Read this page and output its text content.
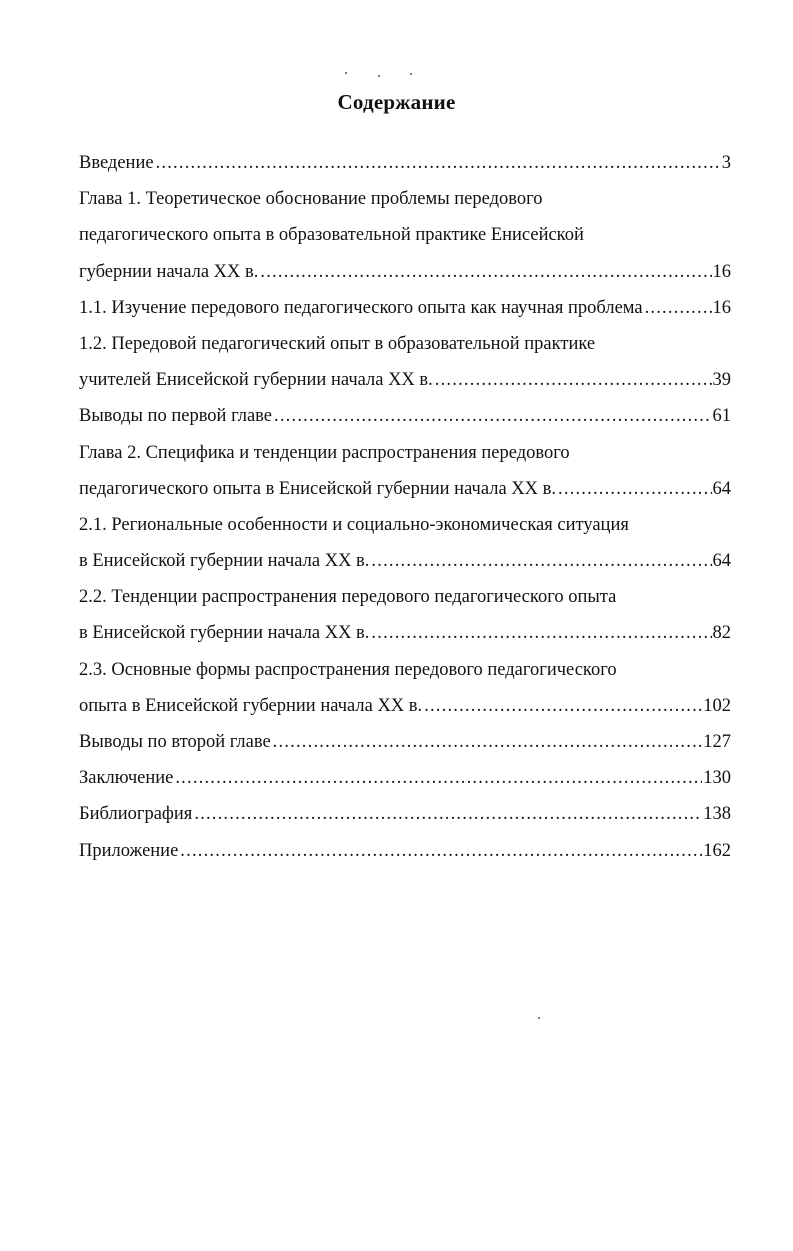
Содержание
Введение .....	3
Глава 1. Теоретическое обоснование проблемы передового
педагогического опыта в образовательной практике Енисейской
губернии начала XX в. .....	16
1.1. Изучение передового педагогического опыта как научная проблема .....	16
1.2. Передовой педагогический опыт в образовательной практике
учителей Енисейской губернии начала XX в. .....	39
Выводы по первой главе .....	61
Глава 2. Специфика и тенденции распространения передового
педагогического опыта в Енисейской губернии начала XX в. .....	64
2.1. Региональные особенности и социально-экономическая ситуация
в Енисейской губернии начала XX в. .....	64
2.2. Тенденции распространения передового педагогического опыта
в Енисейской губернии начала XX в. .....	82
2.3. Основные формы распространения передового педагогического
опыта в Енисейской губернии начала XX в. .....	102
Выводы по второй главе .....	127
Заключение .....	130
Библиография .....	138
Приложение .....	162
